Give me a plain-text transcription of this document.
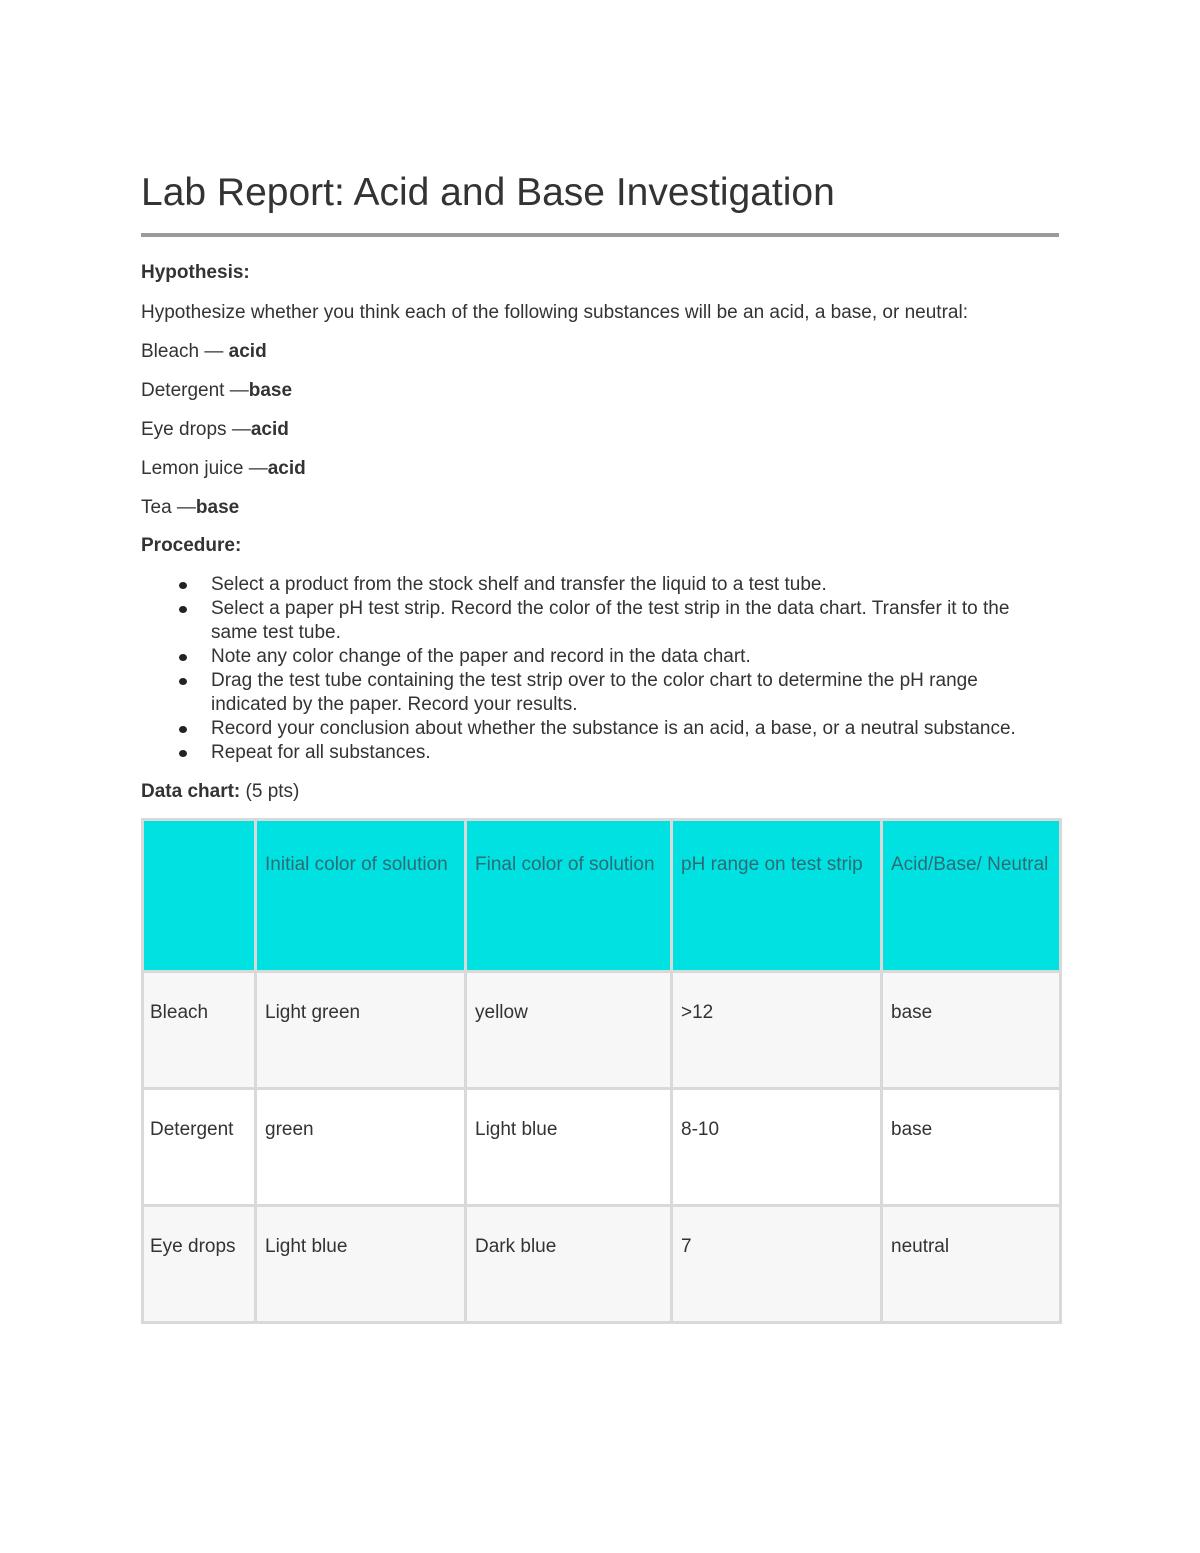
Lab Report: Acid and Base Investigation

Hypothesis:

Hypothesize whether you think each of the following substances will be an acid, a base, or neutral:

Bleach — acid

Detergent —base

Eye drops —acid

Lemon juice —acid

Tea —base

Procedure:

Select a product from the stock shelf and transfer the liquid to a test tube.
Select a paper pH test strip. Record the color of the test strip in the data chart. Transfer it to the same test tube.
Note any color change of the paper and record in the data chart.
Drag the test tube containing the test strip over to the color chart to determine the pH range indicated by the paper. Record your results.
Record your conclusion about whether the substance is an acid, a base, or a neutral substance.
Repeat for all substances.

Data chart: (5 pts)

	Initial color of solution	Final color of solution	pH range on test strip	Acid/Base/ Neutral
Bleach	Light green	yellow	>12	base
Detergent	green	Light blue	8-10	base
Eye drops	Light blue	Dark blue	7	neutral
